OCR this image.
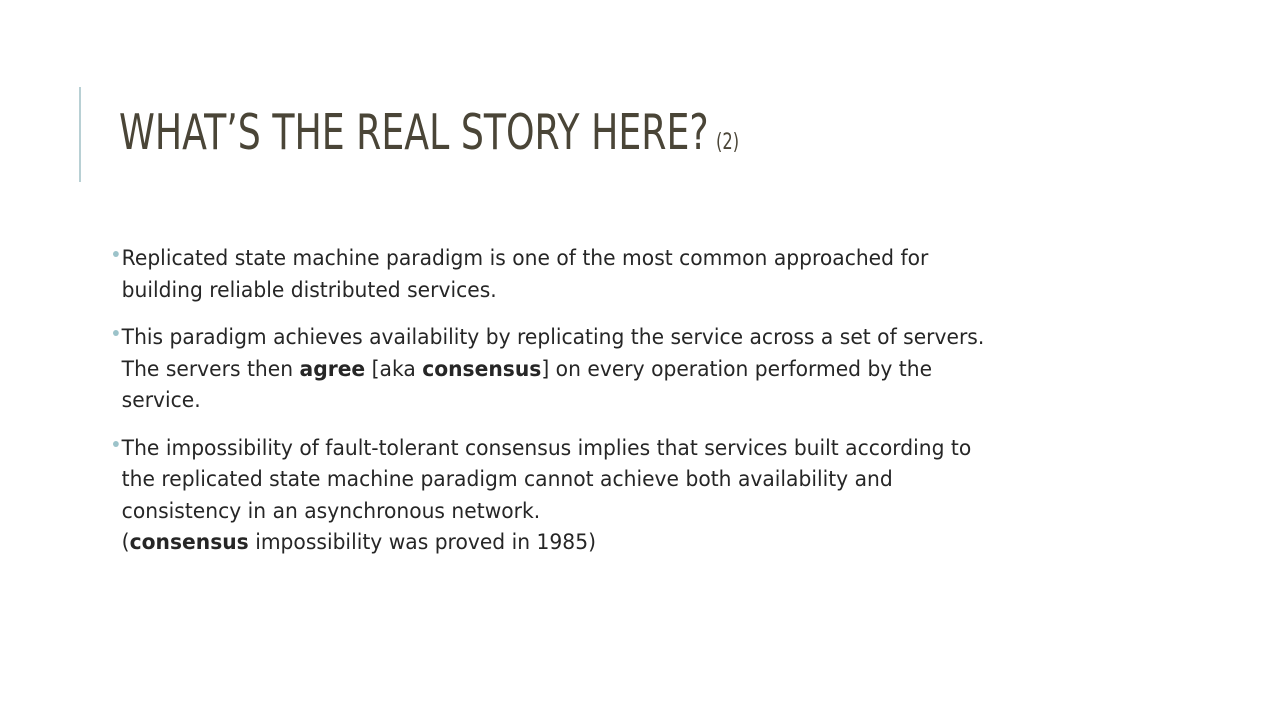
WHAT’S THE REAL STORY HERE? (2)
Replicated state machine paradigm is one of the most common approached for
building reliable distributed services.
This paradigm achieves availability by replicating the service across a set of servers.
The servers then agree [aka consensus] on every operation performed by the
service.
The impossibility of fault-tolerant consensus implies that services built according to
the replicated state machine paradigm cannot achieve both availability and
consistency in an asynchronous network.
(consensus impossibility was proved in 1985)
